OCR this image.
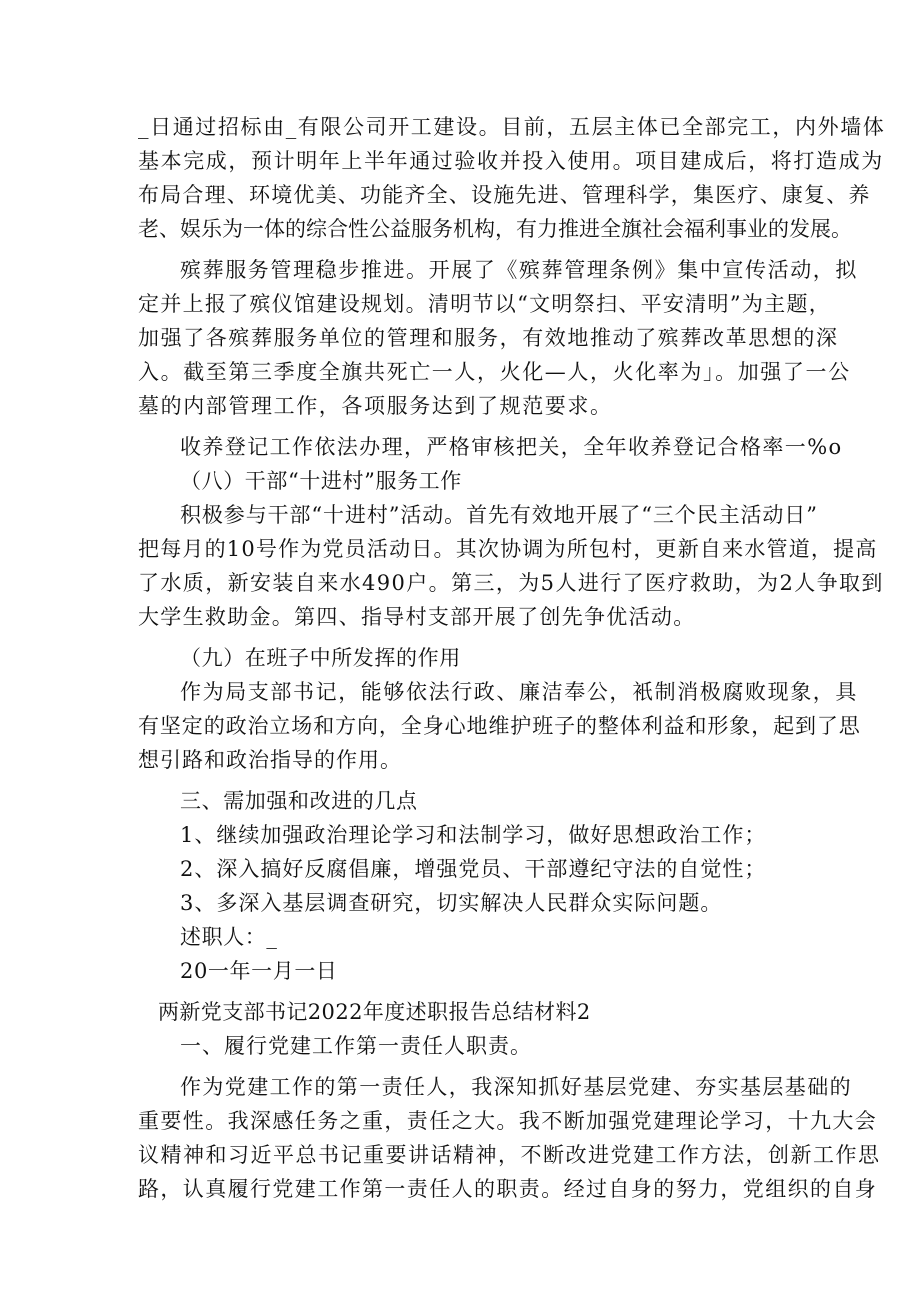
_日通过招标由_有限公司开工建设。目前，五层主体已全部完工，内外墙体
基本完成，预计明年上半年通过验收并投入使用。项目建成后，将打造成为
布局合理、环境优美、功能齐全、设施先进、管理科学，集医疗、康复、养
老、娱乐为一体的综合性公益服务机构，有力推进全旗社会福利事业的发展。
殡葬服务管理稳步推进。开展了《殡葬管理条例》集中宣传活动，拟
定并上报了殡仪馆建设规划。清明节以“文明祭扫、平安清明”为主题，
加强了各殡葬服务单位的管理和服务，有效地推动了殡葬改革思想的深
入。截至第三季度全旗共死亡一人，火化—人，火化率为」。加强了一公
墓的内部管理工作，各项服务达到了规范要求。
收养登记工作依法办理，严格审核把关，全年收养登记合格率一%o
（八）干部“十进村”服务工作
积极参与干部“十进村”活动。首先有效地开展了“三个民主活动日”
把每月的10号作为党员活动日。其次协调为所包村，更新自来水管道，提高
了水质，新安装自来水490户。第三，为5人进行了医疗救助，为2人争取到
大学生救助金。第四、指导村支部开展了创先争优活动。
（九）在班子中所发挥的作用
作为局支部书记，能够依法行政、廉洁奉公，衹制消极腐败现象，具
有坚定的政治立场和方向，全身心地维护班子的整体利益和形象，起到了思
想引路和政治指导的作用。
三、需加强和改进的几点
1、继续加强政治理论学习和法制学习，做好思想政治工作；
2、深入搞好反腐倡廉，增强党员、干部遵纪守法的自觉性；
3、多深入基层调查研究，切实解决人民群众实际问题。
述职人：_
20一年一月一日
两新党支部书记2022年度述职报告总结材料2
一、履行党建工作第一责任人职责。
作为党建工作的第一责任人，我深知抓好基层党建、夯实基层基础的
重要性。我深感任务之重，责任之大。我不断加强党建理论学习，十九大会
议精神和习近平总书记重要讲话精神，不断改进党建工作方法，创新工作思
路，认真履行党建工作第一责任人的职责。经过自身的努力，党组织的自身
